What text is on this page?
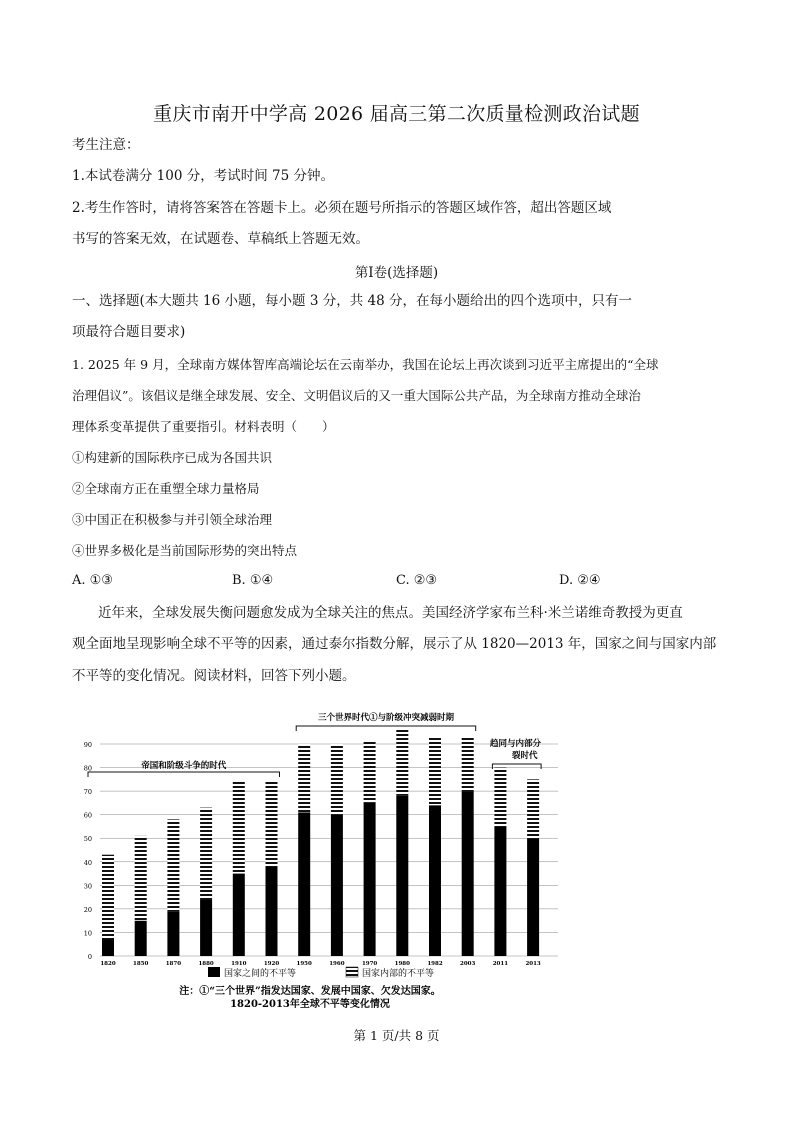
重庆市南开中学高 2026 届高三第二次质量检测政治试题
考生注意：
1.本试卷满分 100 分，考试时间 75 分钟。
2.考生作答时，请将答案答在答题卡上。必须在题号所指示的答题区域作答，超出答题区域
书写的答案无效，在试题卷、草稿纸上答题无效。
第Ⅰ卷(选择题)
一、选择题(本大题共 16 小题，每小题 3 分，共 48 分，在每小题给出的四个选项中，只有一
项最符合题目要求)
1. 2025 年 9 月，全球南方媒体智库高端论坛在云南举办，我国在论坛上再次谈到习近平主席提出的“全球
治理倡议”。该倡议是继全球发展、安全、文明倡议后的又一重大国际公共产品，为全球南方推动全球治
理体系变革提供了重要指引。材料表明（　　）
①构建新的国际秩序已成为各国共识
②全球南方正在重塑全球力量格局
③中国正在积极参与并引领全球治理
④世界多极化是当前国际形势的突出特点
A. ①③	B. ①④	C. ②③	D. ②④
近年来，全球发展失衡问题愈发成为全球关注的焦点。美国经济学家布兰科·米兰诺维奇教授为更直
观全面地呈现影响全球不平等的因素，通过泰尔指数分解，展示了从 1820—2013 年，国家之间与国家内部
不平等的变化情况。阅读材料，回答下列小题。
帝国和阶级斗争的时代
三个世界时代①与阶级冲突减弱时期
趋同与内部分
裂时代
0
10
20
30
40
50
60
70
80
90
1820	1850	1870	1880	1910	1920	1950	1960	1970	1980	1982	2003	2011	2013
国家之间的不平等	国家内部的不平等
注：①“三个世界”指发达国家、发展中国家、欠发达国家。
1820-2013年全球不平等变化情况
第 1 页/共 8 页
